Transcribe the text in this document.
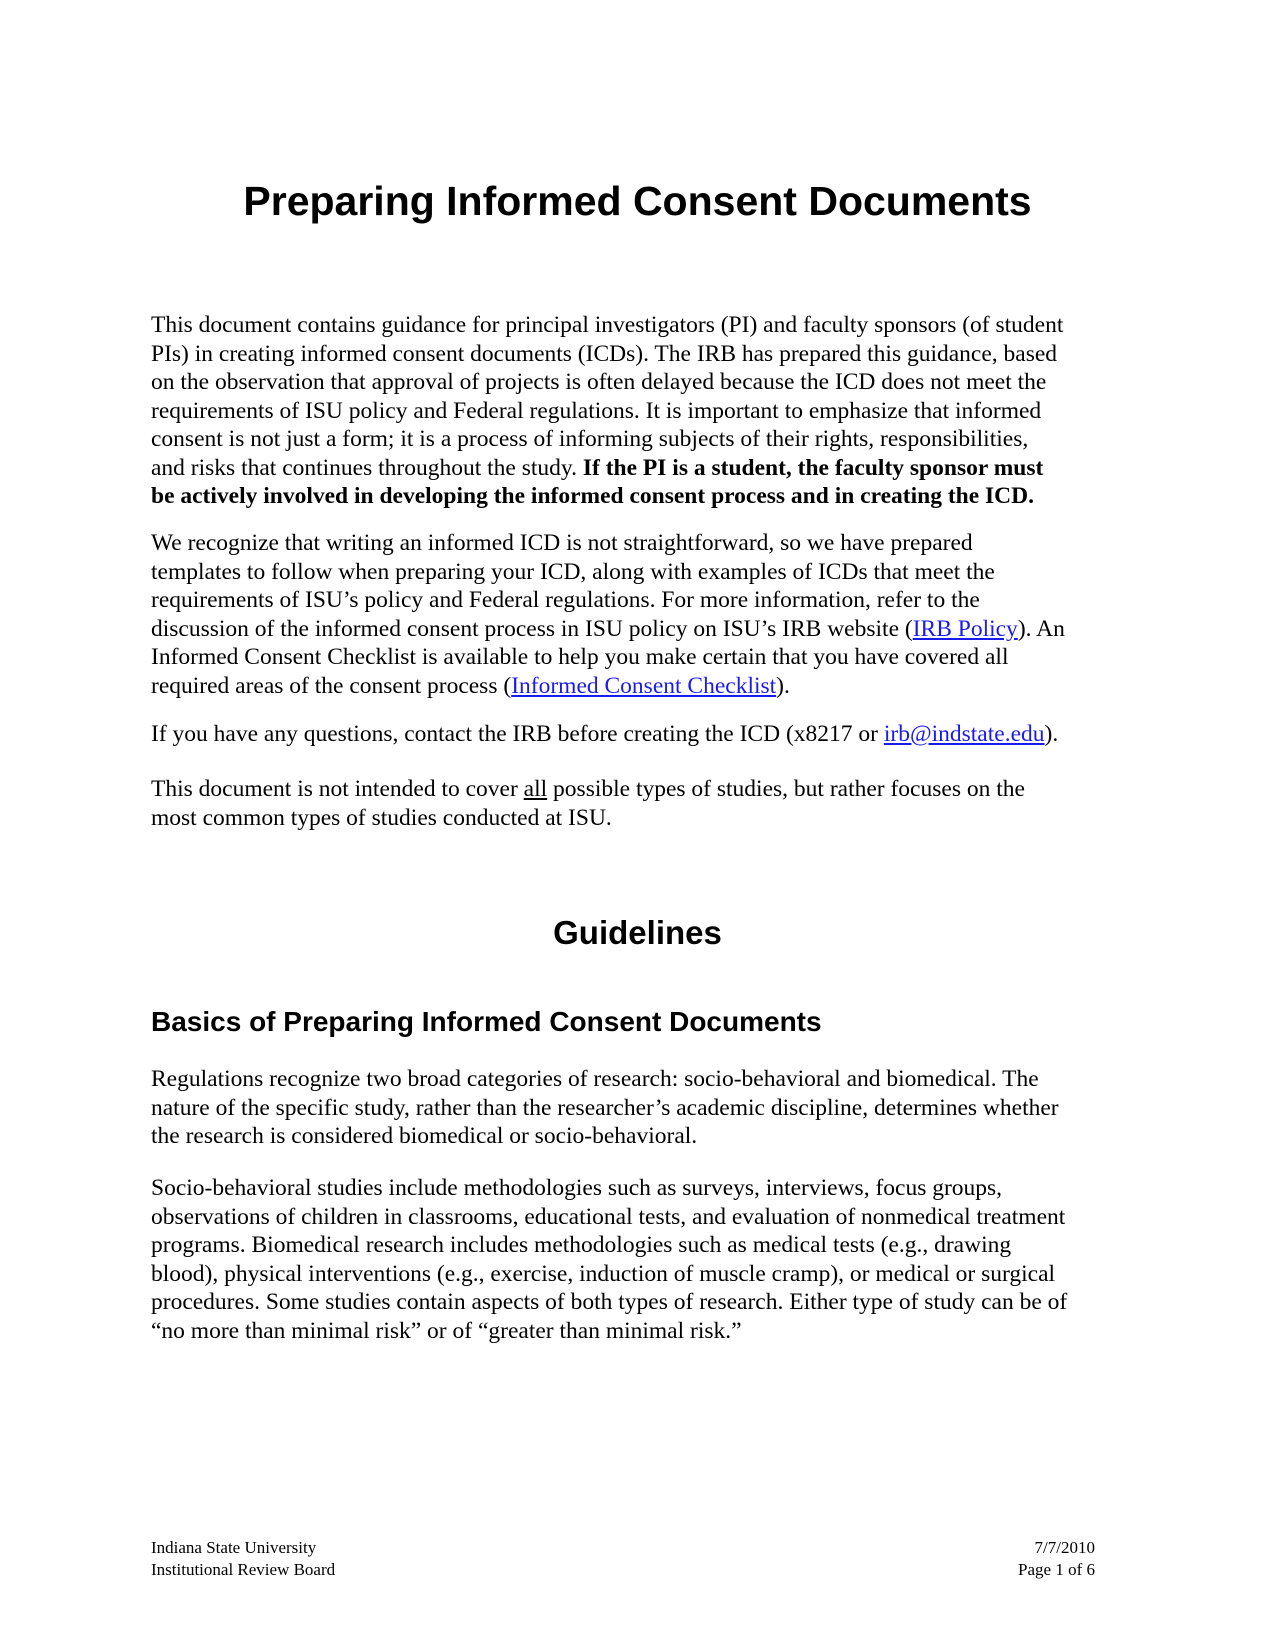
Preparing Informed Consent Documents

This document contains guidance for principal investigators (PI) and faculty sponsors (of student
PIs) in creating informed consent documents (ICDs). The IRB has prepared this guidance, based
on the observation that approval of projects is often delayed because the ICD does not meet the
requirements of ISU policy and Federal regulations. It is important to emphasize that informed
consent is not just a form; it is a process of informing subjects of their rights, responsibilities,
and risks that continues throughout the study. If the PI is a student, the faculty sponsor must
be actively involved in developing the informed consent process and in creating the ICD.

We recognize that writing an informed ICD is not straightforward, so we have prepared
templates to follow when preparing your ICD, along with examples of ICDs that meet the
requirements of ISU’s policy and Federal regulations. For more information, refer to the
discussion of the informed consent process in ISU policy on ISU’s IRB website (IRB Policy). An
Informed Consent Checklist is available to help you make certain that you have covered all
required areas of the consent process (Informed Consent Checklist).

If you have any questions, contact the IRB before creating the ICD (x8217 or irb@indstate.edu).

This document is not intended to cover all possible types of studies, but rather focuses on the
most common types of studies conducted at ISU.

Guidelines
Basics of Preparing Informed Consent Documents

Regulations recognize two broad categories of research: socio-behavioral and biomedical. The
nature of the specific study, rather than the researcher’s academic discipline, determines whether
the research is considered biomedical or socio-behavioral.

Socio-behavioral studies include methodologies such as surveys, interviews, focus groups,
observations of children in classrooms, educational tests, and evaluation of nonmedical treatment
programs. Biomedical research includes methodologies such as medical tests (e.g., drawing
blood), physical interventions (e.g., exercise, induction of muscle cramp), or medical or surgical
procedures. Some studies contain aspects of both types of research. Either type of study can be of
“no more than minimal risk” or of “greater than minimal risk.”

Indiana State University
Institutional Review Board
7/7/2010
Page 1 of 6
